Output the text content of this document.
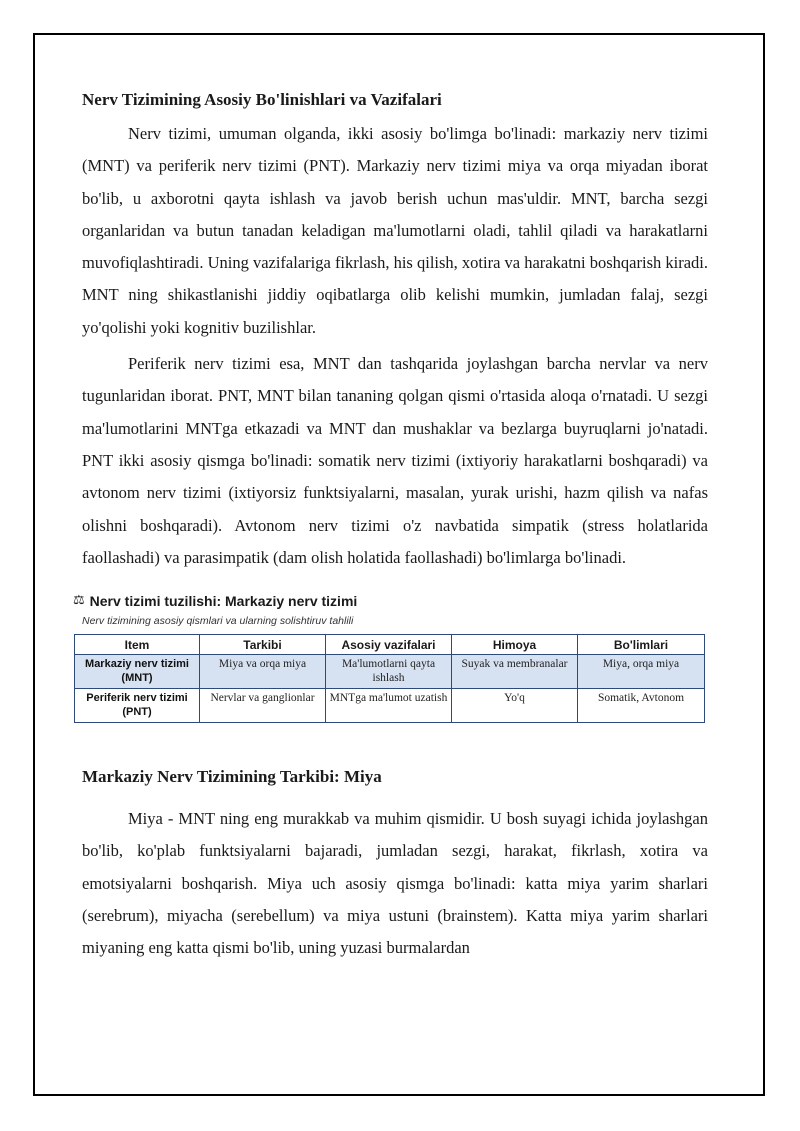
Nerv Tizimining Asosiy Bo'linishlari va Vazifalari

Nerv tizimi, umuman olganda, ikki asosiy bo'limga bo'linadi: markaziy nerv tizimi (MNT) va periferik nerv tizimi (PNT). Markaziy nerv tizimi miya va orqa miyadan iborat bo'lib, u axborotni qayta ishlash va javob berish uchun mas'uldir. MNT, barcha sezgi organlaridan va butun tanadan keladigan ma'lumotlarni oladi, tahlil qiladi va harakatlarni muvofiqlashtiradi. Uning vazifalariga fikrlash, his qilish, xotira va harakatni boshqarish kiradi. MNT ning shikastlanishi jiddiy oqibatlarga olib kelishi mumkin, jumladan falaj, sezgi yo'qolishi yoki kognitiv buzilishlar.

Periferik nerv tizimi esa, MNT dan tashqarida joylashgan barcha nervlar va nerv tugunlaridan iborat. PNT, MNT bilan tananing qolgan qismi o'rtasida aloqa o'rnatadi. U sezgi ma'lumotlarini MNTga etkazadi va MNT dan mushaklar va bezlarga buyruqlarni jo'natadi. PNT ikki asosiy qismga bo'linadi: somatik nerv tizimi (ixtiyoriy harakatlarni boshqaradi) va avtonom nerv tizimi (ixtiyorsiz funktsiyalarni, masalan, yurak urishi, hazm qilish va nafas olishni boshqaradi). Avtonom nerv tizimi o'z navbatida simpatik (stress holatlarida faollashadi) va parasimpatik (dam olish holatida faollashadi) bo'limlarga bo'linadi.

⚖ Nerv tizimi tuzilishi: Markaziy nerv tizimi
Nerv tizimining asosiy qismlari va ularning solishtiruv tahlili
Item	Tarkibi	Asosiy vazifalari	Himoya	Bo'limlari
Markaziy nerv tizimi (MNT)	Miya va orqa miya	Ma'lumotlarni qayta ishlash	Suyak va membranalar	Miya, orqa miya
Periferik nerv tizimi (PNT)	Nervlar va ganglionlar	MNTga ma'lumot uzatish	Yo'q	Somatik, Avtonom
Markaziy Nerv Tizimining Tarkibi: Miya

Miya - MNT ning eng murakkab va muhim qismidir. U bosh suyagi ichida joylashgan bo'lib, ko'plab funktsiyalarni bajaradi, jumladan sezgi, harakat, fikrlash, xotira va emotsiyalarni boshqarish. Miya uch asosiy qismga bo'linadi: katta miya yarim sharlari (serebrum), miyacha (serebellum) va miya ustuni (brainstem). Katta miya yarim sharlari miyaning eng katta qismi bo'lib, uning yuzasi burmalardan
